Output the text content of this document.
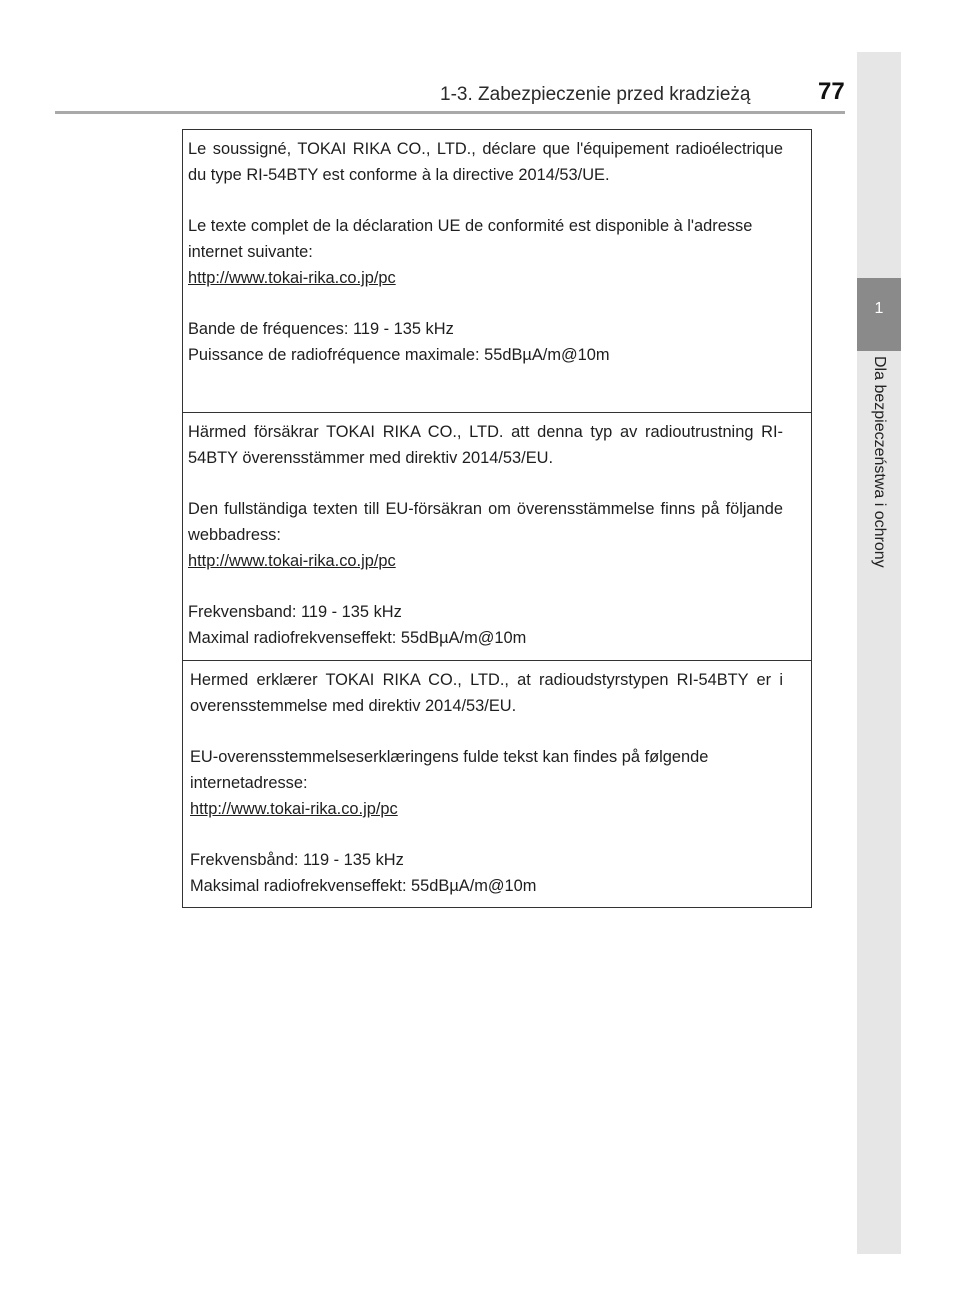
1-3. Zabezpieczenie przed kradzieżą	77
1
Dla bezpieczeństwa i ochrony

Le soussigné, TOKAI RIKA CO., LTD., déclare que l'équipement radioélectrique du type RI-54BTY est conforme à la directive 2014/53/UE.

Le texte complet de la déclaration UE de conformité est disponible à l'adresse internet suivante:

http://www.tokai-rika.co.jp/pc

Bande de fréquences: 119 - 135 kHz

Puissance de radiofréquence maximale: 55dBµA/m@10m

Härmed försäkrar TOKAI RIKA CO., LTD. att denna typ av radioutrustning RI-54BTY överensstämmer med direktiv 2014/53/EU.

Den fullständiga texten till EU-försäkran om överensstämmelse finns på följande webbadress:

http://www.tokai-rika.co.jp/pc

Frekvensband: 119 - 135 kHz

Maximal radiofrekvenseffekt: 55dBµA/m@10m

Hermed erklærer TOKAI RIKA CO., LTD., at radioudstyrstypen RI-54BTY er i overensstemmelse med direktiv 2014/53/EU.

EU-overensstemmelseserklæringens fulde tekst kan findes på følgende internetadresse:

http://www.tokai-rika.co.jp/pc

Frekvensbånd: 119 - 135 kHz

Maksimal radiofrekvenseffekt: 55dBµA/m@10m
